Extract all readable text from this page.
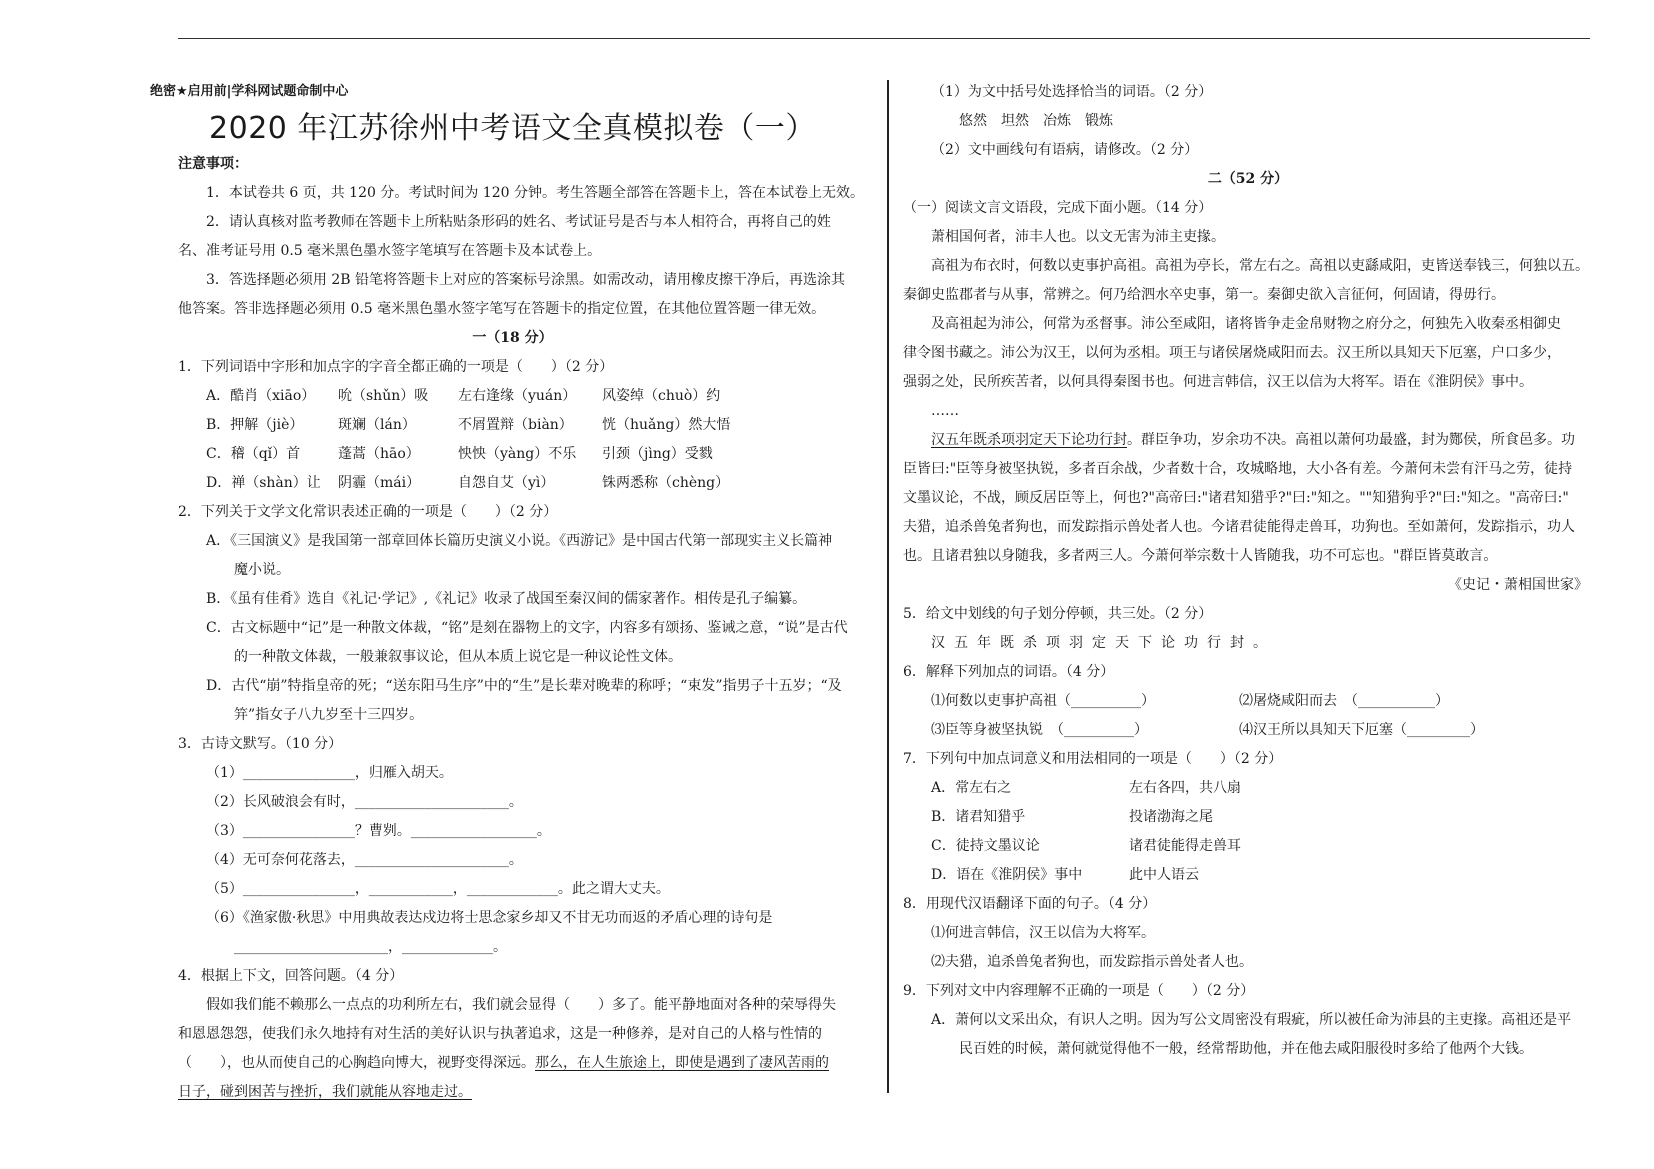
绝密★启用前|学科网试题命制中心
2020 年江苏徐州中考语文全真模拟卷（一）
注意事项：
1．本试卷共 6 页，共 120 分。考试时间为 120 分钟。考生答题全部答在答题卡上，答在本试卷上无效。
2．请认真核对监考教师在答题卡上所粘贴条形码的姓名、考试证号是否与本人相符合，再将自己的姓
名、准考证号用 0.5 毫米黑色墨水签字笔填写在答题卡及本试卷上。
3．答选择题必须用 2B 铅笔将答题卡上对应的答案标号涂黑。如需改动，请用橡皮擦干净后，再选涂其
他答案。答非选择题必须用 0.5 毫米黑色墨水签字笔写在答题卡的指定位置，在其他位置答题一律无效。
一（18 分）
1．下列词语中字形和加点字的字音全都正确的一项是（　　）（2 分）
A．酷肖（xiāo） 吮（shǔn）吸 左右逢缘（yuán） 风姿绰（chuò）约
B．押解（jiè） 斑斓（lán）	不屑置辩（biàn） 恍（huǎng）然大悟
C．稽（qǐ）首	蓬蒿（hāo）	怏怏（yàng）不乐 引颈（jìng）受戮
D．禅（shàn）让 阴霾（mái）	自怨自艾（yì）	铢两悉称（chèng）
2．下列关于文学文化常识表述正确的一项是（　　）（2 分）
A．《三国演义》是我国第一部章回体长篇历史演义小说。《西游记》是中国古代第一部现实主义长篇神
魔小说。
B．《虽有佳肴》选自《礼记·学记》,《礼记》收录了战国至秦汉间的儒家著作。相传是孔子编纂。
C．古文标题中“记”是一种散文体裁，“铭”是刻在器物上的文字，内容多有颂扬、鉴诫之意，“说”是古代
的一种散文体裁，一般兼叙事议论，但从本质上说它是一种议论性文体。
D．古代“崩”特指皇帝的死；“送东阳马生序”中的“生”是长辈对晚辈的称呼；“束发”指男子十五岁；“及
笄”指女子八九岁至十三四岁。
3．古诗文默写。（10 分）
（1）________________，归雁入胡天。
（2）长风破浪会有时，______________________。
（3）________________？曹刿。__________________。
（4）无可奈何花落去，______________________。
（5）________________，____________，_____________。此之谓大丈夫。
（6）《渔家傲·秋思》中用典故表达戍边将士思念家乡却又不甘无功而返的矛盾心理的诗句是
______________________，_____________。
4．根据上下文，回答问题。（4 分）
假如我们能不赖那么一点点的功利所左右，我们就会显得（　　）多了。能平静地面对各种的荣辱得失
和恩恩怨怨，使我们永久地持有对生活的美好认识与执著追求，这是一种修养，是对自己的人格与性情的
（　　），也从而使自己的心胸趋向博大，视野变得深远。那么，在人生旅途上，即使是遇到了凄风苦雨的
日子，碰到困苦与挫折，我们就能从容地走过。
（1）为文中括号处选择恰当的词语。（2 分）
悠然　坦然　冶炼　锻炼
（2）文中画线句有语病，请修改。（2 分）
二（52 分）
（一）阅读文言文语段，完成下面小题。（14 分）
萧相国何者，沛丰人也。以文无害为沛主吏掾。
高祖为布衣时，何数以吏事护高祖。高祖为亭长，常左右之。高祖以吏繇咸阳，吏皆送奉钱三，何独以五。
秦御史监郡者与从事，常辨之。何乃给泗水卒史事，第一。秦御史欲入言征何，何固请，得毋行。
及高祖起为沛公，何常为丞督事。沛公至咸阳，诸将皆争走金帛财物之府分之，何独先入收秦丞相御史
律令图书藏之。沛公为汉王，以何为丞相。项王与诸侯屠烧咸阳而去。汉王所以具知天下厄塞，户口多少，
强弱之处，民所疾苦者，以何具得秦图书也。何进言韩信，汉王以信为大将军。语在《淮阴侯》事中。
……
汉五年既杀项羽定天下论功行封。群臣争功，岁余功不决。高祖以萧何功最盛，封为酂侯，所食邑多。功
臣皆曰:"臣等身被坚执锐，多者百余战，少者数十合，攻城略地，大小各有差。今萧何未尝有汗马之劳，徒持
文墨议论，不战，顾反居臣等上，何也?"高帝曰:"诸君知猎乎?"曰:"知之。""知猎狗乎?"曰:"知之。"高帝曰:"
夫猎，追杀兽兔者狗也，而发踪指示兽处者人也。今诸君徒能得走兽耳，功狗也。至如萧何，发踪指示，功人
也。且诸君独以身随我，多者两三人。今萧何举宗数十人皆随我，功不可忘也。"群臣皆莫敢言。
《史记・萧相国世家》
5．给文中划线的句子划分停顿，共三处。（2 分）
汉五年既杀项羽定天下论功行封。
6．解释下列加点的词语。（4 分）
⑴何数以吏事护高祖（__________）	⑵屠烧咸阳而去　（___________）
⑶臣等身被坚执锐　（__________）	⑷汉王所以具知天下厄塞（_________）
7．下列句中加点词意义和用法相同的一项是（　　）（2 分）
A．常左右之	左右各四，共八扇
B．诸君知猎乎	投诸渤海之尾
C．徒持文墨议论	诸君徒能得走兽耳
D．语在《淮阴侯》事中	此中人语云
8．用现代汉语翻译下面的句子。（4 分）
⑴何进言韩信，汉王以信为大将军。
⑵夫猎，追杀兽兔者狗也，而发踪指示兽处者人也。
9．下列对文中内容理解不正确的一项是（　　）（2 分）
A．萧何以文采出众，有识人之明。因为写公文周密没有瑕疵，所以被任命为沛县的主吏掾。高祖还是平
民百姓的时候，萧何就觉得他不一般，经常帮助他，并在他去咸阳服役时多给了他两个大钱。
